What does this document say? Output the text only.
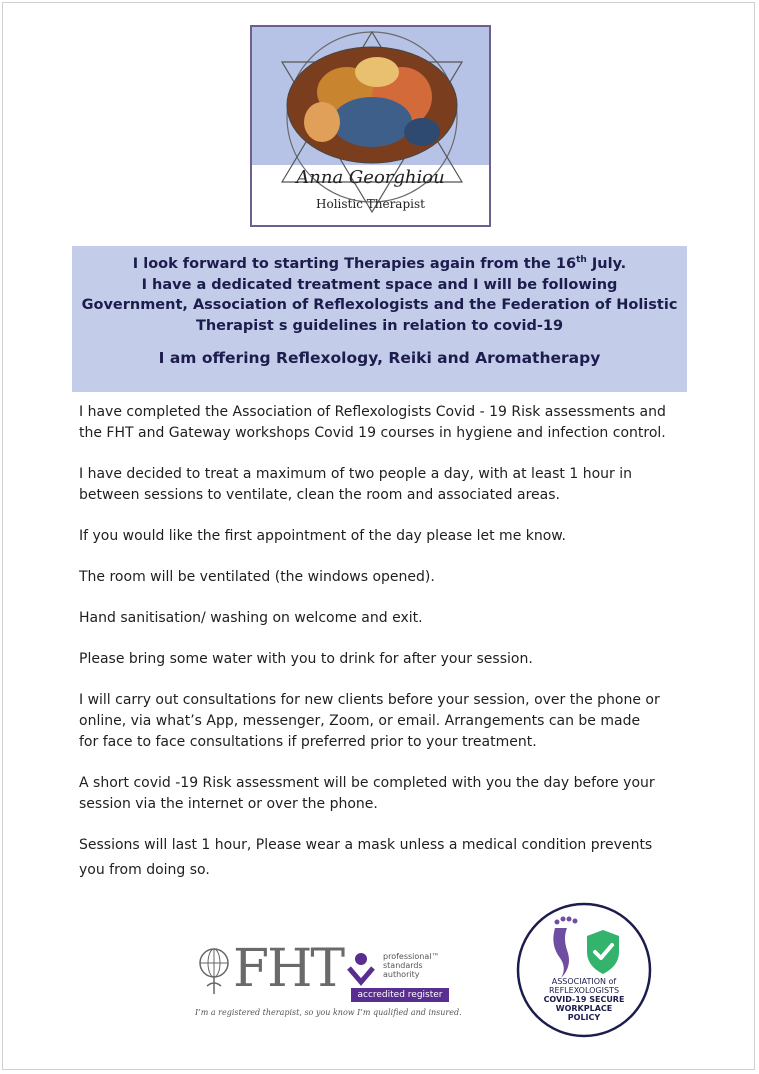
Anna Georghiou
Holistic Therapist
I look forward to starting Therapies again from the 16th July.
I have a dedicated treatment space and I will be following
Government, Association of Reflexologists and the Federation of Holistic
Therapist s guidelines in relation to covid-19
I am offering Reflexology, Reiki and Aromatherapy

I have completed the Association of Reflexologists Covid - 19 Risk assessments and

the FHT and Gateway workshops Covid 19 courses in hygiene and infection control.

I have decided to treat a maximum of two people a day, with at least 1 hour in

between sessions to ventilate, clean the room and associated areas.

If you would like the first appointment of the day please let me know.

The room will be ventilated (the windows opened).

Hand sanitisation/ washing on welcome and exit.

Please bring some water with you to drink for after your session.

I will carry out consultations for new clients before your session, over the phone or

online, via what’s App, messenger, Zoom, or email. Arrangements can be made

for face to face consultations if preferred prior to your treatment.

A short covid -19 Risk assessment will be completed with you the day before your

session via the internet or over the phone.

Sessions will last 1 hour, Please wear a mask unless a medical condition prevents

you from doing so.

FHT	professional™
standards
authority
accredited register
I’m a registered therapist, so you know I’m qualified and insured.
ASSOCIATION of
REFLEXOLOGISTS
COVID-19 SECURE
WORKPLACE
POLICY
